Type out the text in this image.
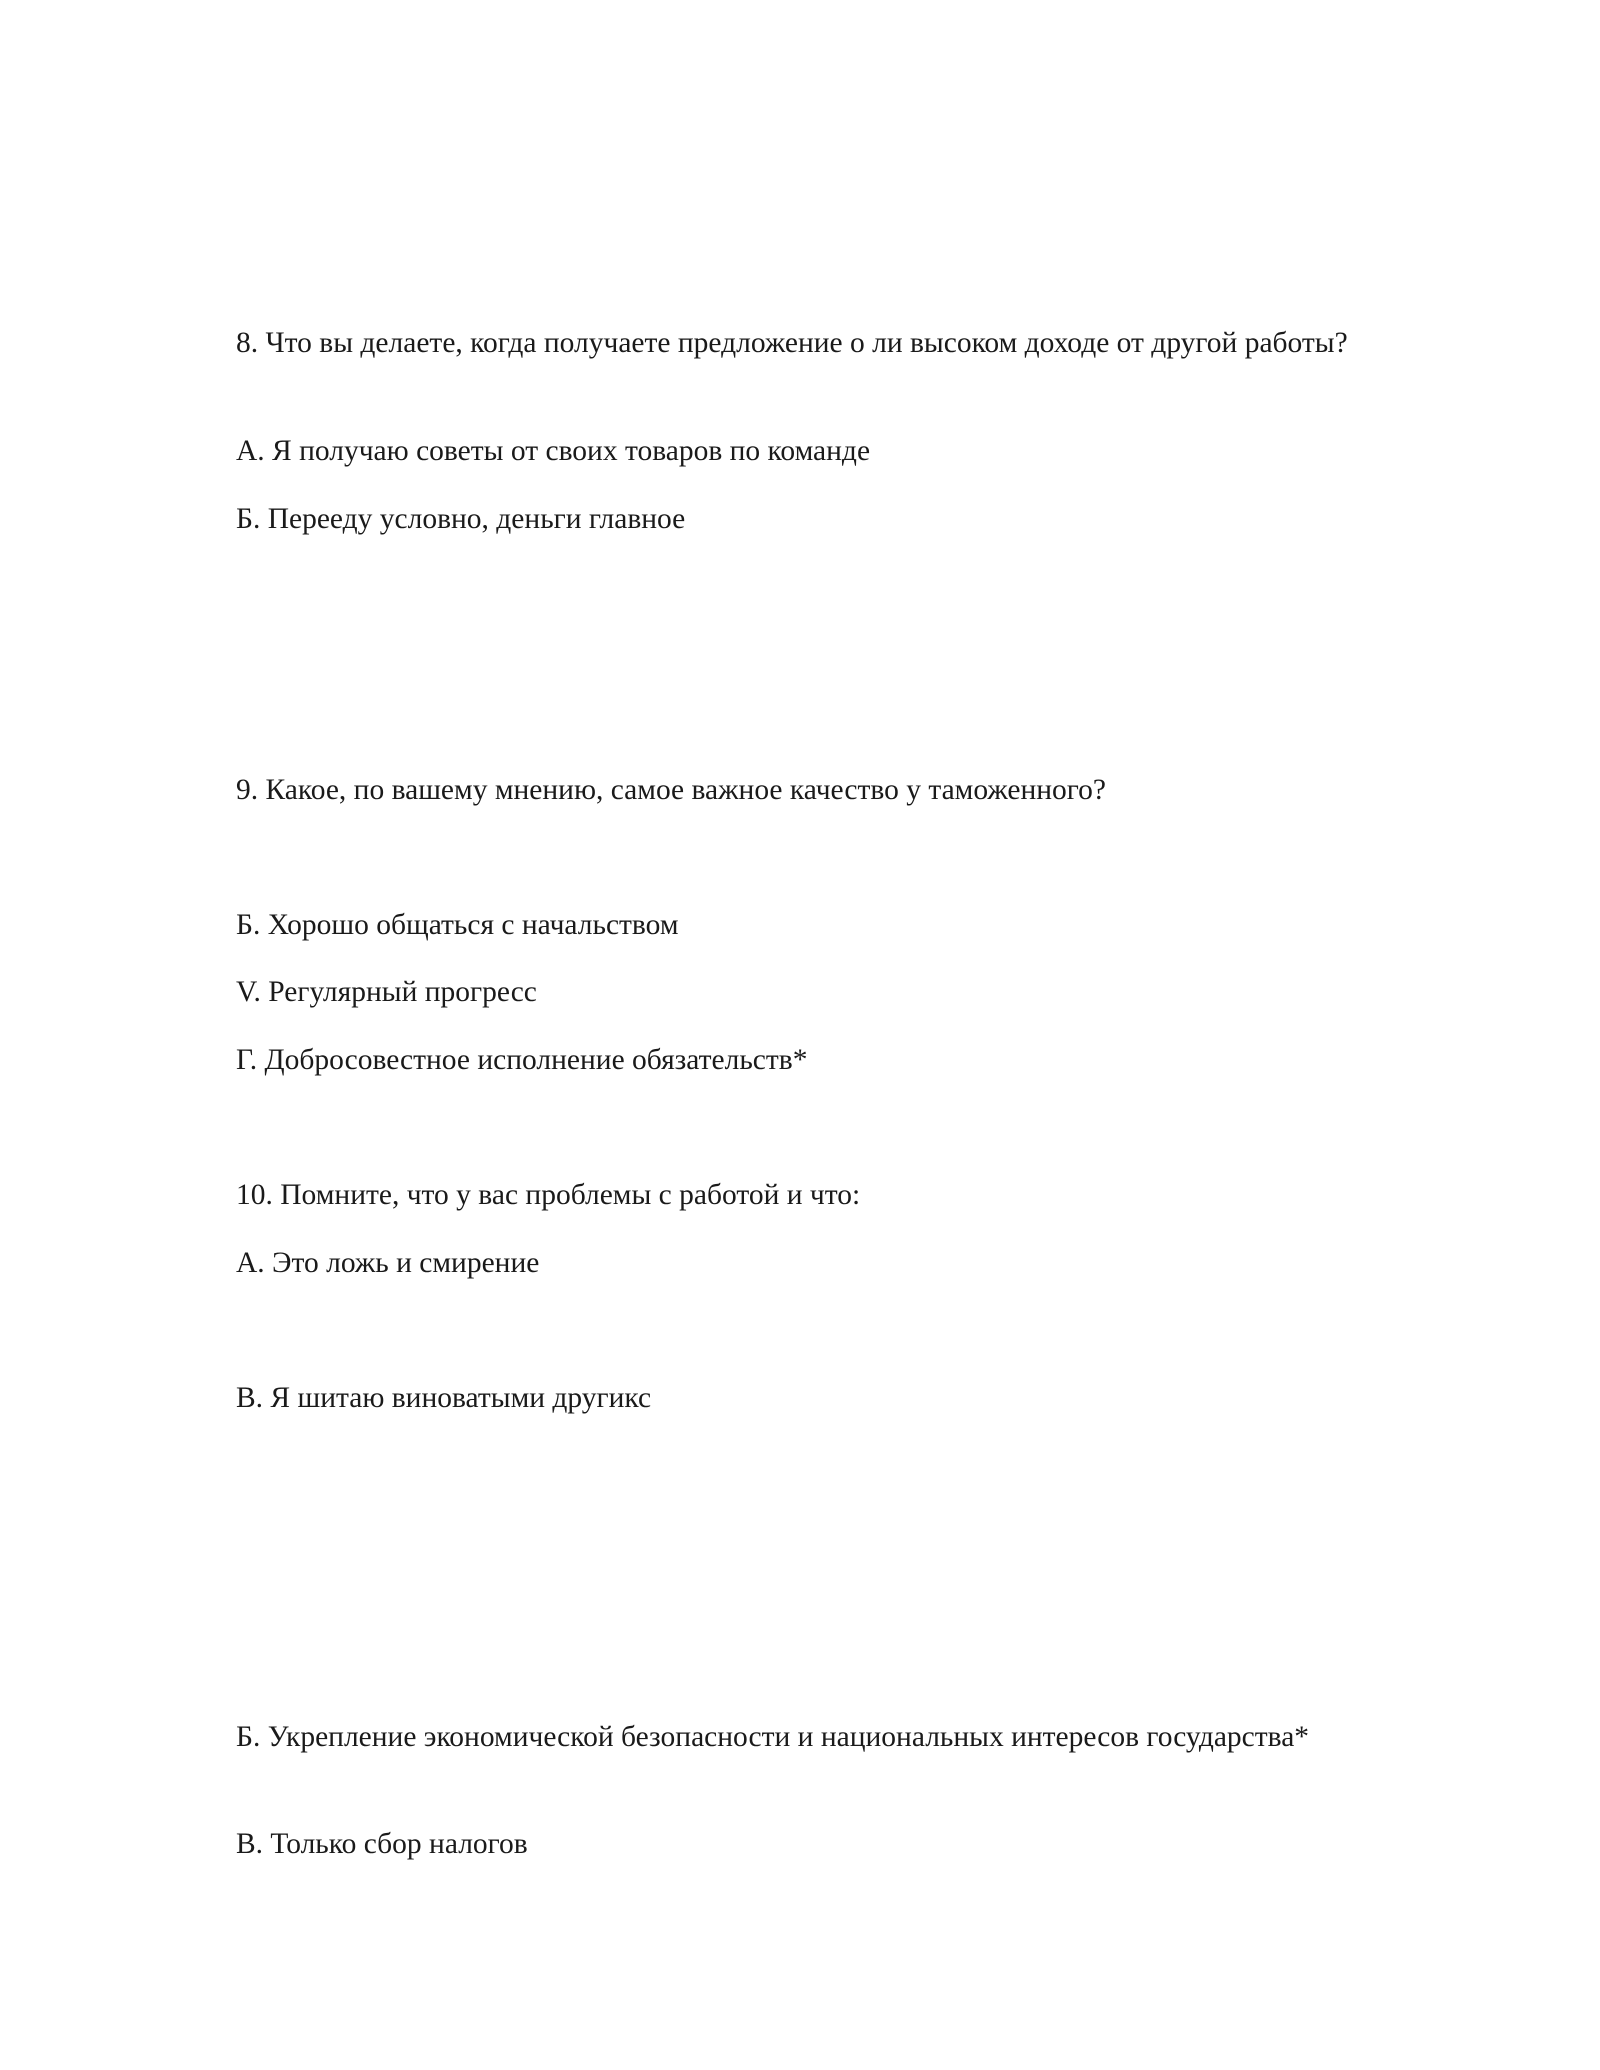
8. Что вы делаете, когда получаете предложение о ли высоком доходе от другой работы?
А. Я получаю советы от своих товаров по команде
Б. Перееду условно, деньги главное
9. Какое, по вашему мнению, самое важное качество у таможенного?
Б. Хорошо общаться с начальством
V. Регулярный прогресс
Г. Добросовестное исполнение обязательств*
10. Помните, что у вас проблемы с работой и что:
А. Это ложь и смирение
В. Я шитаю виноватыми другикс
Б. Укрепление экономической безопасности и национальных интересов государства*
В. Только сбор налогов
